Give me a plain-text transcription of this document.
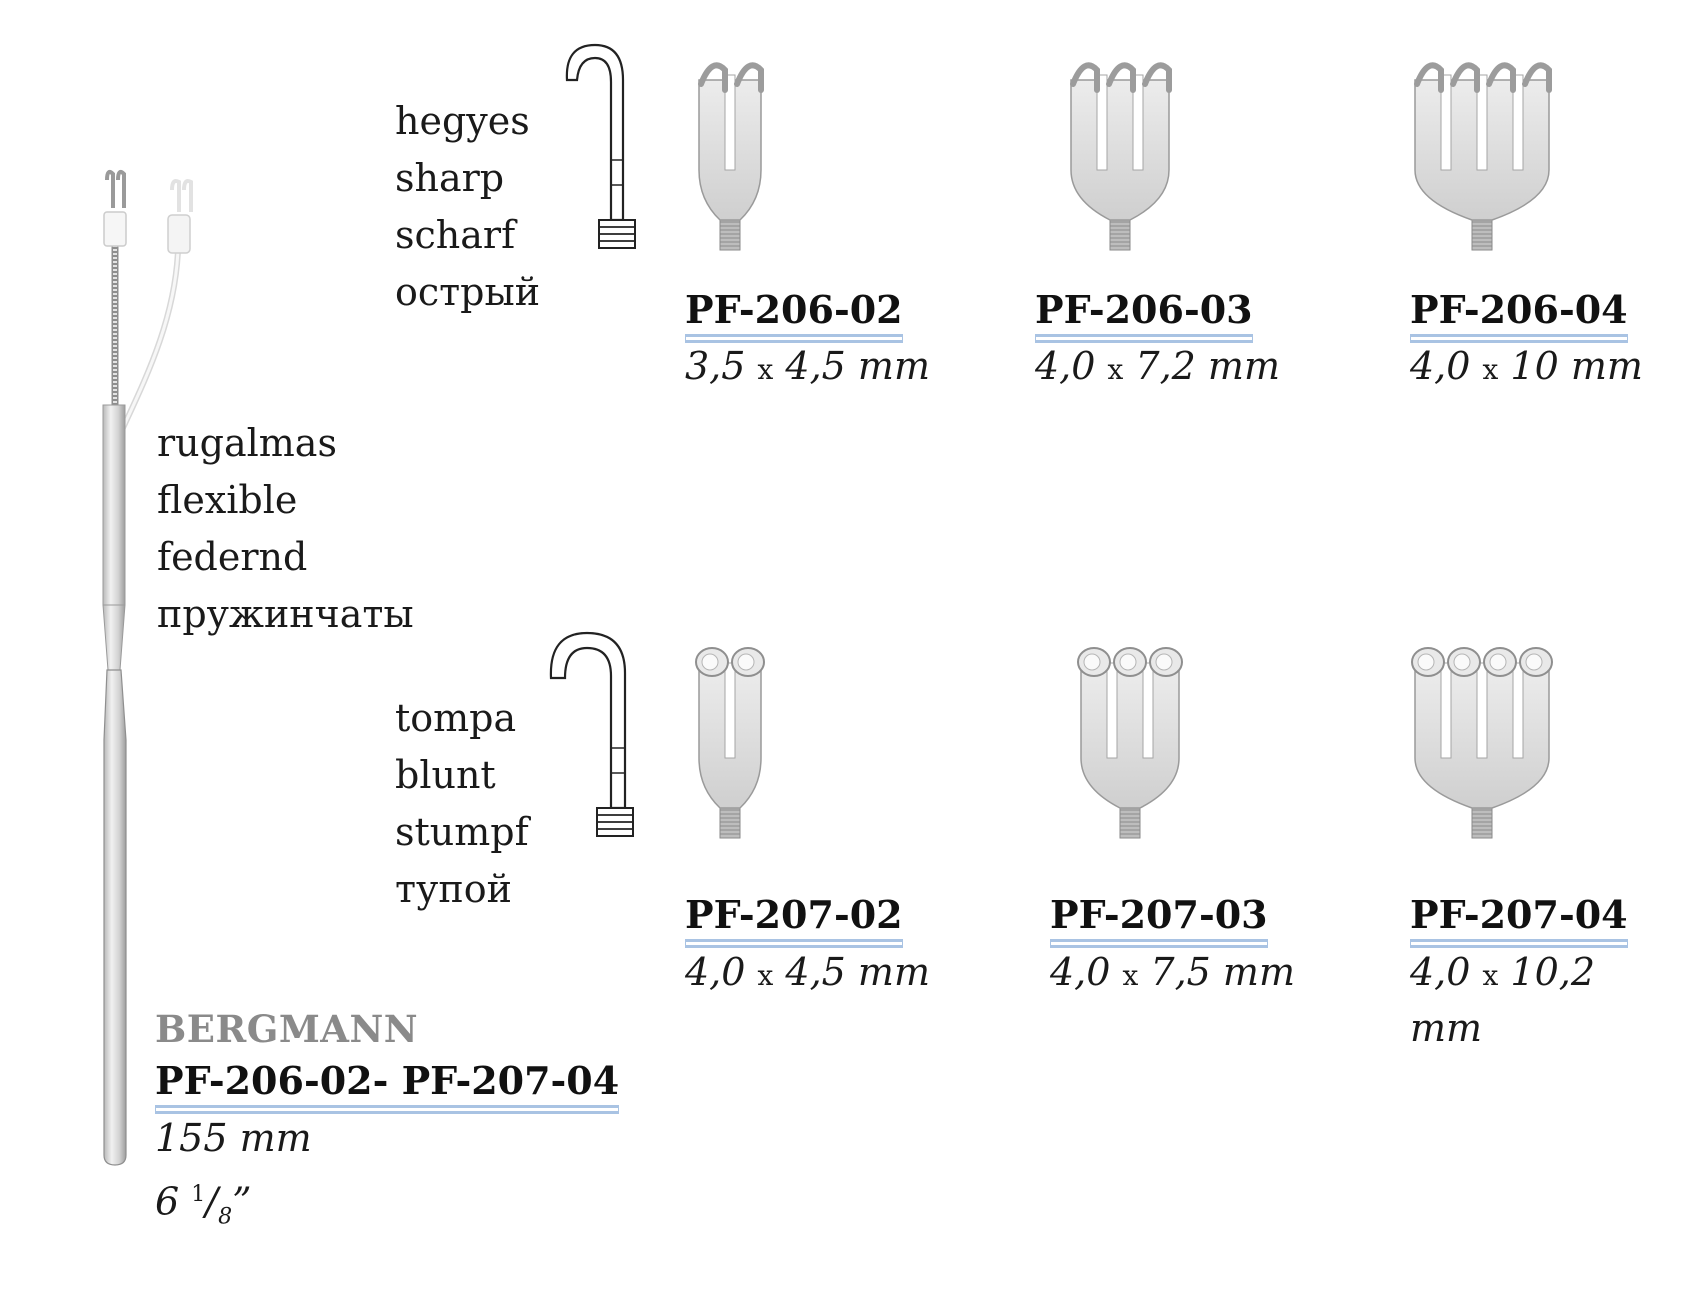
hegyes
sharp
scharf
острый
tompa
blunt
stumpf
тупой
rugalmas
flexible
federnd
пружинчаты
PF-206-02
3,5 x 4,5 mm
PF-206-03
4,0 x 7,2 mm
PF-206-04
4,0 x 10 mm
PF-207-02
4,0 x 4,5 mm
PF-207-03
4,0 x 7,5 mm
PF-207-04
4,0 x 10,2
mm
BERGMANN
PF-206-02- PF-207-04
155 mm
6 $^1/_8$”
